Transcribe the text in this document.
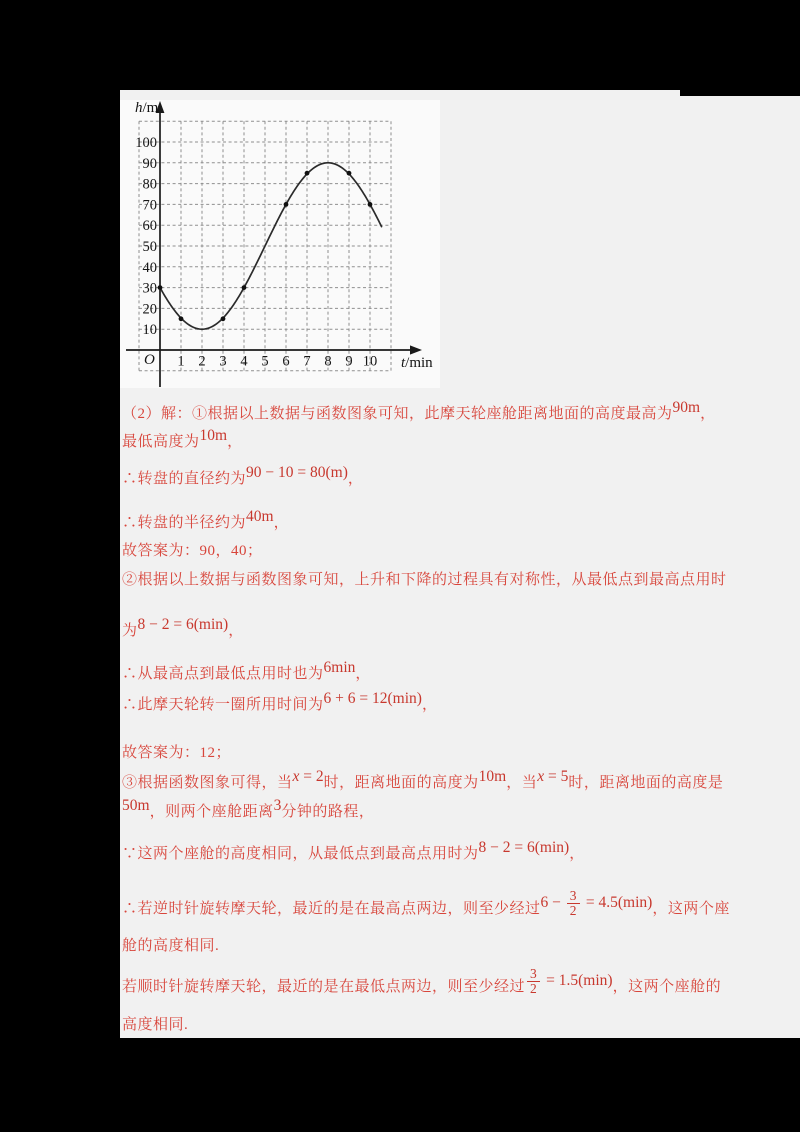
10
20
30
40
50
60
70
80
90
100
1 2 3 4 5 6 7 8 9 10
h/m
t/min
O
（2）解：①根据以上数据与函数图象可知，此摩天轮座舱距离地面的高度最高为90m，
最低高度为10m，
∴转盘的直径约为90 − 10 = 80(m)，
∴转盘的半径约为40m，
故答案为：90，40；
②根据以上数据与函数图象可知，上升和下降的过程具有对称性，从最低点到最高点用时
为8 − 2 = 6(min)，
∴从最高点到最低点用时也为6min，
∴此摩天轮转一圈所用时间为6 + 6 = 12(min)，
故答案为：12；
③根据函数图象可得，当x = 2时，距离地面的高度为10m，当x = 5时，距离地面的高度是
50m，则两个座舱距离3分钟的路程，
∵这两个座舱的高度相同，从最低点到最高点用时为8 − 2 = 6(min)，
∴若逆时针旋转摩天轮，最近的是在最高点两边，则至少经过$6 - \frac{3}{2} = 4.5(\min)$，这两个座
舱的高度相同.
若顺时针旋转摩天轮，最近的是在最低点两边，则至少经过 $\frac{3}{2} = 1.5(\min)$，这两个座舱的
高度相同.
